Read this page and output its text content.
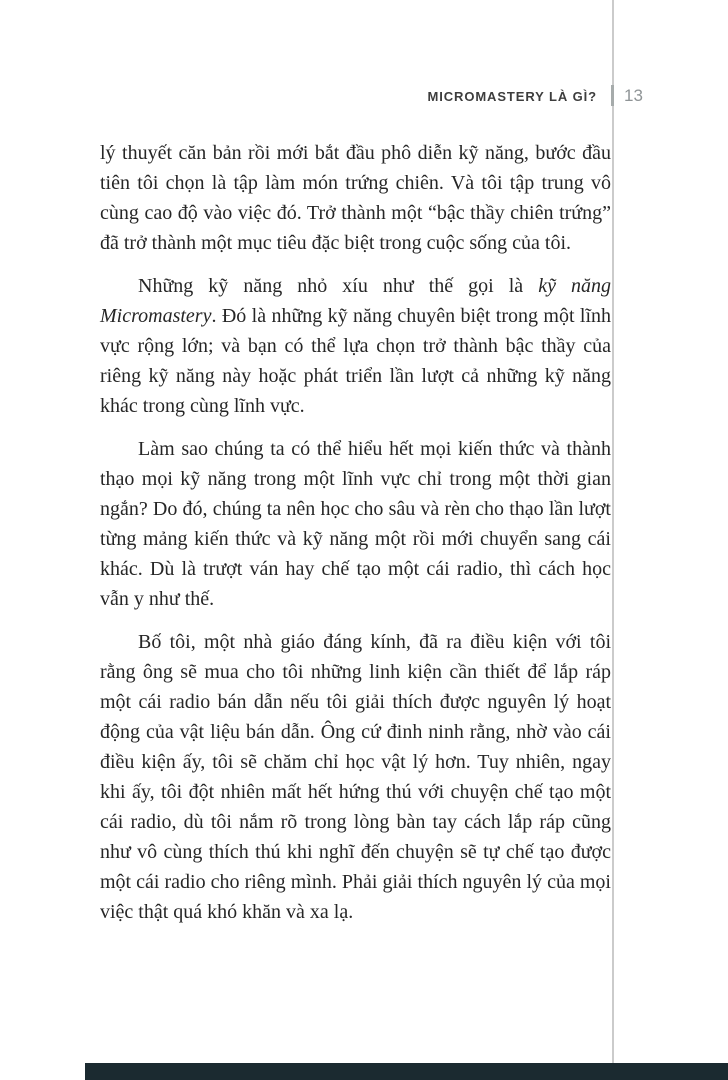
MICROMASTERY LÀ GÌ? 13

lý thuyết căn bản rồi mới bắt đầu phô diễn kỹ năng, bước đầu tiên tôi chọn là tập làm món trứng chiên. Và tôi tập trung vô cùng cao độ vào việc đó. Trở thành một “bậc thầy chiên trứng” đã trở thành một mục tiêu đặc biệt trong cuộc sống của tôi.

Những kỹ năng nhỏ xíu như thế gọi là kỹ năng Micromastery. Đó là những kỹ năng chuyên biệt trong một lĩnh vực rộng lớn; và bạn có thể lựa chọn trở thành bậc thầy của riêng kỹ năng này hoặc phát triển lần lượt cả những kỹ năng khác trong cùng lĩnh vực.

Làm sao chúng ta có thể hiểu hết mọi kiến thức và thành thạo mọi kỹ năng trong một lĩnh vực chỉ trong một thời gian ngắn? Do đó, chúng ta nên học cho sâu và rèn cho thạo lần lượt từng mảng kiến thức và kỹ năng một rồi mới chuyển sang cái khác. Dù là trượt ván hay chế tạo một cái radio, thì cách học vẫn y như thế.

Bố tôi, một nhà giáo đáng kính, đã ra điều kiện với tôi rằng ông sẽ mua cho tôi những linh kiện cần thiết để lắp ráp một cái radio bán dẫn nếu tôi giải thích được nguyên lý hoạt động của vật liệu bán dẫn. Ông cứ đinh ninh rằng, nhờ vào cái điều kiện ấy, tôi sẽ chăm chỉ học vật lý hơn. Tuy nhiên, ngay khi ấy, tôi đột nhiên mất hết hứng thú với chuyện chế tạo một cái radio, dù tôi nắm rõ trong lòng bàn tay cách lắp ráp cũng như vô cùng thích thú khi nghĩ đến chuyện sẽ tự chế tạo được một cái radio cho riêng mình. Phải giải thích nguyên lý của mọi việc thật quá khó khăn và xa lạ.
